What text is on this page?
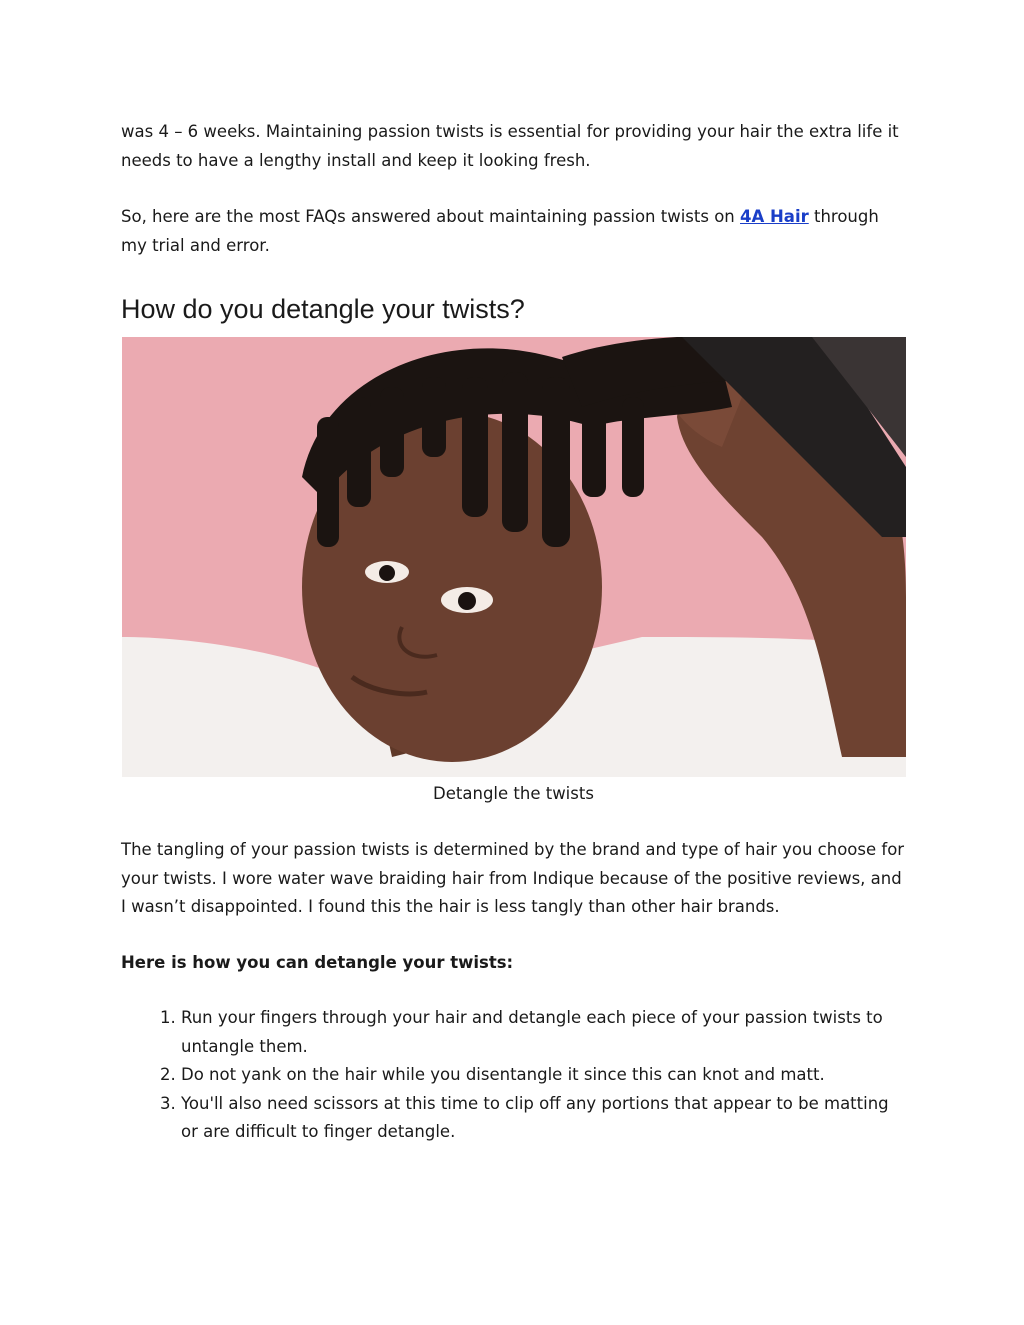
was 4 – 6 weeks. Maintaining passion twists is essential for providing your hair the extra life it needs to have a lengthy install and keep it looking fresh.

So, here are the most FAQs answered about maintaining passion twists on 4A Hair through my trial and error.

How do you detangle your twists?
Detangle the twists

The tangling of your passion twists is determined by the brand and type of hair you choose for your twists. I wore water wave braiding hair from Indique because of the positive reviews, and I wasn’t disappointed. I found this the hair is less tangly than other hair brands.

Here is how you can detangle your twists:

1. Run your fingers through your hair and detangle each piece of your passion twists to untangle them.
2. Do not yank on the hair while you disentangle it since this can knot and matt.
3. You'll also need scissors at this time to clip off any portions that appear to be matting or are difficult to finger detangle.
